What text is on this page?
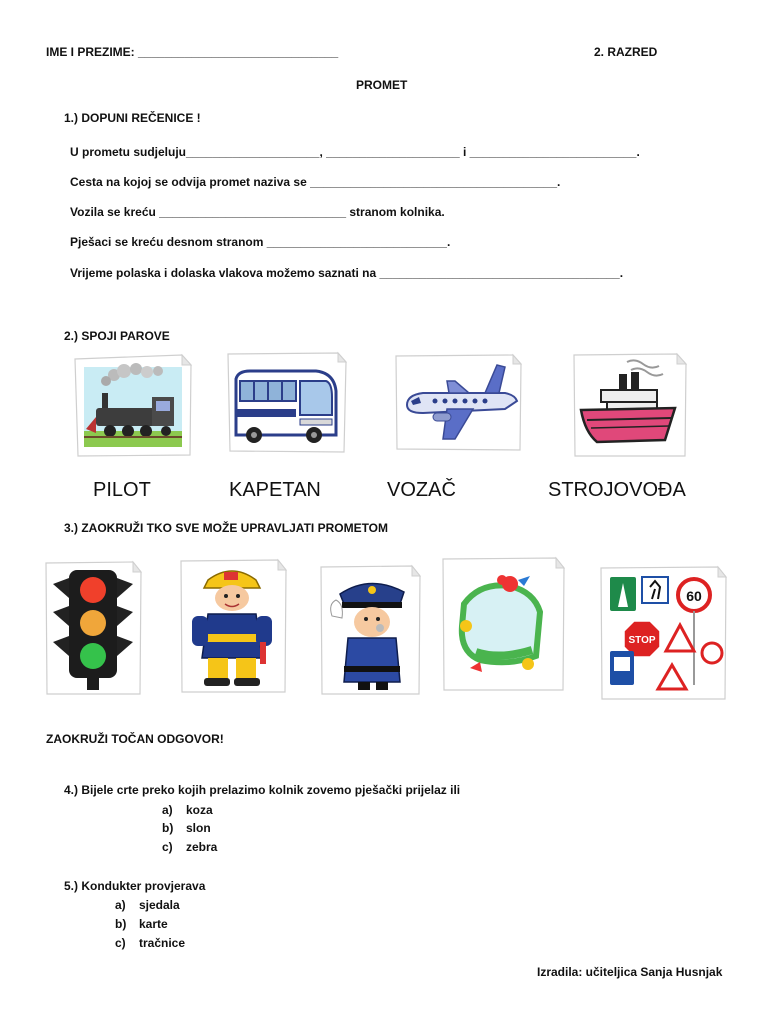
IME I PREZIME: ______________________________	2. RAZRED
PROMET
1.) DOPUNI REČENICE !
U prometu sudjeluju____________________, ____________________ i _________________________.
Cesta na kojoj se odvija promet naziva se _____________________________________.
Vozila se kreću ____________________________ stranom kolnika.
Pješaci se kreću desnom stranom ___________________________.
Vrijeme polaska i dolaska vlakova možemo saznati na ____________________________________.
2.) SPOJI PAROVE
PILOT	KAPETAN	VOZAČ	STROJOVOĐA
3.) ZAOKRUŽI TKO SVE MOŽE UPRAVLJATI PROMETOM
60
STOP
ZAOKRUŽI TOČAN ODGOVOR!
4.) Bijele crte preko kojih prelazimo kolnik zovemo pješački prijelaz ili
a) koza
b) slon
c) zebra
5.) Kondukter provjerava
a) sjedala
b) karte
c) tračnice
Izradila: učiteljica Sanja Husnjak
